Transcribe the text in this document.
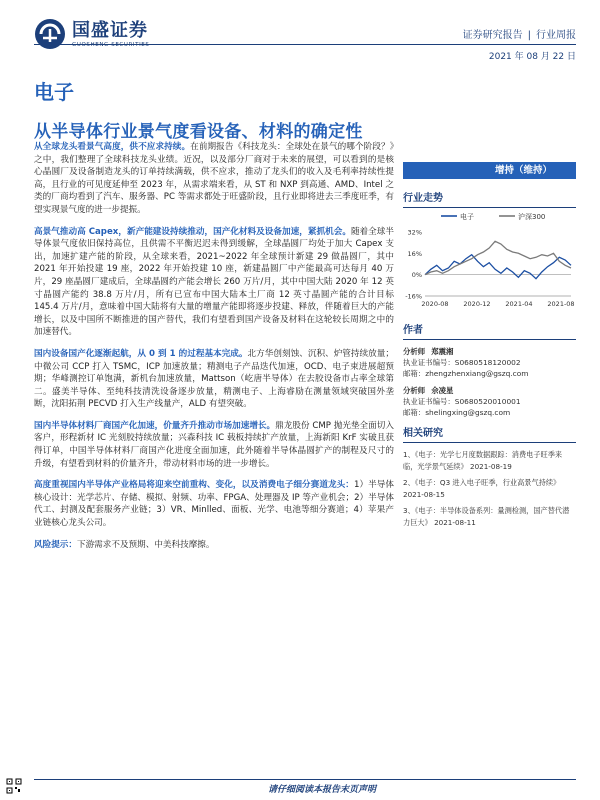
国盛证券	证券研究报告 | 行业周报
2021 年 08 月 22 日
电子
从半导体行业景气度看设备、材料的确定性

从全球龙头看景气高度，供不应求持续。在前期报告《科技龙头：全球处在景气的哪个阶段？》之中，我们整理了全球科技龙头业绩。近况，以及部分厂商对于未来的展望，可以看到的是核心晶圆厂及设备制造龙头的订单持续满载，供不应求，推动了龙头们的收入及毛利率持续性提高，且行业的可见度延伸至 2023 年，从需求端来看，从 ST 和 NXP 到高通、AMD、Intel 之类的厂商均看到了汽车、服务器、PC 等需求都处于旺盛阶段，且行业即将进去三季度旺季，有望实现景气度的进一步提振。

高景气推动高 Capex，新产能建设持续推动，国产化材料及设备加速，紧抓机会。随着全球半导体景气度依旧保持高位，且供需不平衡迟迟未得到缓解，全球晶圆厂均处于加大 Capex 支出，加速扩建产能的阶段，从全球来看，2021~2022 年全球预计新建 29 做晶圆厂，其中 2021 年开始投建 19 座，2022 年开始投建 10 座，新建晶圆厂中产能最高可达每月 40 万片，29 座晶圆厂建成后，全球晶圆约产能会增长 260 万片/月，其中中国大陆 2020 年 12 英寸晶圆产能约 38.8 万片/月，所有已宣布中国大陆本土厂商 12 英寸晶圆产能的合计目标 145.4 万片/月，意味着中国大陆将有大量的增量产能即将逐步投建、释放，伴随着巨大的产能增长，以及中国所不断推进的国产替代，我们有望看到国产设备及材料在这轮较长周期之中的加速替代。

国内设备国产化逐渐起航，从 0 到 1 的过程基本完成。北方华创刻蚀、沉积、炉管持续放量；中微公司 CCP 打入 TSMC，ICP 加速放量；精测电子产品迭代加速，OCD、电子束进展超预期；华峰测控订单饱满，新机台加速放量，Mattson（屹唐半导体）在去胶设备市占率全球第二。盛美半导体、至纯科技清洗设备逐步放量，精测电子、上海睿励在测量领域突破国外垄断，沈阳拓荆 PECVD 打入生产线量产，ALD 有望突破。

国内半导体材料厂商国产化加速，价量齐升推动市场加速增长。鼎龙股份 CMP 抛光垫全面切入客户，形程新材 IC 光刻胶持续放量；兴森科技 IC 载板持续扩产放量，上海新阳 KrF 实破且获得订单，中国半导体材料厂商国产化进度全面加速，此外随着半导体晶圆扩产的制程及尺寸的升级，有望看到材料的价量齐升，带动材料市场的进一步增长。

高度重视国内半导体产业格局将迎来空前重构、变化，以及消费电子细分赛道龙头：1）半导体核心设计：光学芯片、存储、模拟、射频、功率、FPGA、处理器及 IP 等产业机会；2）半导体代工、封测及配套服务产业链；3）VR、Minlled、面板、光学、电池等细分赛道；4）苹果产业链核心龙头公司。

风险提示：下游需求不及预期、中美科技摩擦。

增持（维持）
行业走势
电子	沪深300
32%
16%
0%
-16%
2020-08 2020-12 2021-04 2021-08
作者
分析师 郑震湘
执业证书编号：S0680518120002
邮箱：zhengzhenxiang@gszq.com
分析师 佘凌星
执业证书编号：S0680520010001
邮箱：shelingxing@gszq.com
相关研究
1、《电子：光学七月度数据跟踪：消费电子旺季来临，光学景气延续》 2021-08-19
2、《电子：Q3 进入电子旺季，行业高景气持续》 2021-08-15
3、《电子：半导体设备系列：量测检测，国产替代潜力巨大》 2021-08-11
请仔细阅读本报告末页声明
